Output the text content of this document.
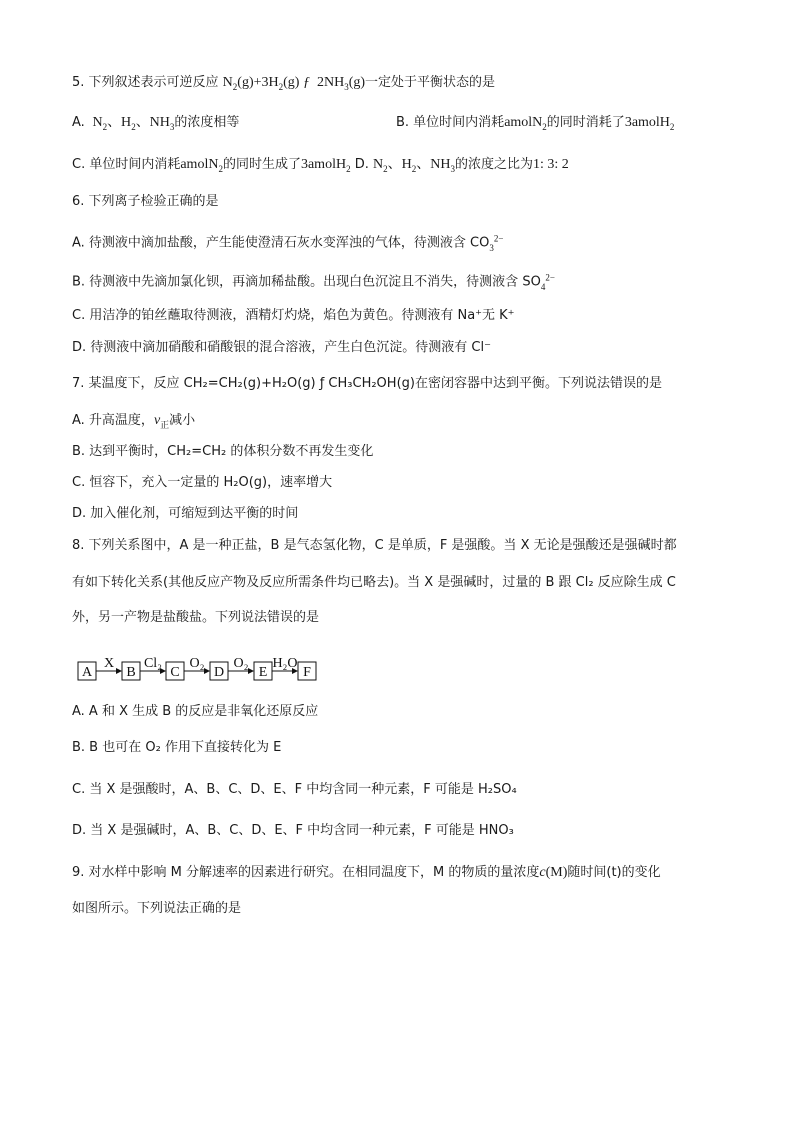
5. 下列叙述表示可逆反应 $N_2(g)+3H_2(g)$ ƒ  $2NH_3(g)$一定处于平衡状态的是
A.  $N_2$、$H_2$、$NH_3$的浓度相等	B. 单位时间内消耗amolN$_2$的同时消耗了3amolH$_2$
C. 单位时间内消耗amolN$_2$的同时生成了3amolH$_2$ D. $N_2$、$H_2$、$NH_3$的浓度之比为1: 3: 2
6. 下列离子检验正确的是
A. 待测液中滴加盐酸，产生能使澄清石灰水变浑浊的气体，待测液含 $CO_3^{2-}$
B. 待测液中先滴加氯化钡，再滴加稀盐酸。出现白色沉淀且不消失，待测液含 $SO_4^{2-}$
C. 用洁净的铂丝蘸取待测液，酒精灯灼烧，焰色为黄色。待测液有 Na⁺无 K⁺
D. 待测液中滴加硝酸和硝酸银的混合溶液，产生白色沉淀。待测液有 Cl⁻
7. 某温度下，反应 CH₂=CH₂(g)+H₂O(g) ƒ CH₃CH₂OH(g)在密闭容器中达到平衡。下列说法错误的是
A. 升高温度，$v_正$减小
B. 达到平衡时，CH₂=CH₂ 的体积分数不再发生变化
C. 恒容下，充入一定量的 H₂O(g)，速率增大
D. 加入催化剂，可缩短到达平衡的时间
8. 下列关系图中，A 是一种正盐，B 是气态氢化物，C 是单质，F 是强酸。当 X 无论是强酸还是强碱时都
有如下转化关系(其他反应产物及反应所需条件均已略去)。当 X 是强碱时，过量的 B 跟 Cl₂ 反应除生成 C
外，另一产物是盐酸盐。下列说法错误的是
A B C D E	F
X Cl₂ O₂ O₂ H₂O
A. A 和 X 生成 B 的反应是非氧化还原反应
B. B 也可在 O₂ 作用下直接转化为 E
C. 当 X 是强酸时，A、B、C、D、E、F 中均含同一种元素，F 可能是 H₂SO₄
D. 当 X 是强碱时，A、B、C、D、E、F 中均含同一种元素，F 可能是 HNO₃
9. 对水样中影响 M 分解速率的因素进行研究。在相同温度下，M 的物质的量浓度c(M)随时间(t)的变化
如图所示。下列说法正确的是
